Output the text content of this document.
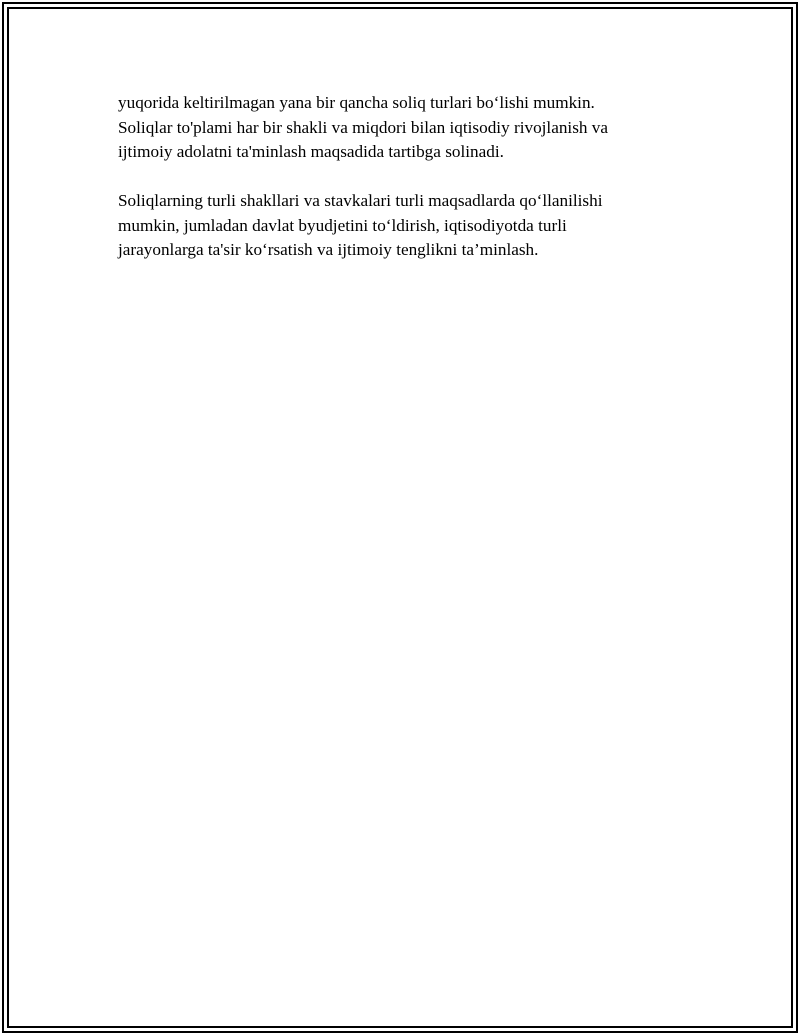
yuqorida keltirilmagan yana bir qancha soliq turlari boʻlishi mumkin.
Soliqlar to'plami har bir shakli va miqdori bilan iqtisodiy rivojlanish va
ijtimoiy adolatni ta'minlash maqsadida tartibga solinadi.

Soliqlarning turli shakllari va stavkalari turli maqsadlarda qoʻllanilishi
mumkin, jumladan davlat byudjetini toʻldirish, iqtisodiyotda turli
jarayonlarga ta'sir koʻrsatish va ijtimoiy tenglikni ta’minlash.
